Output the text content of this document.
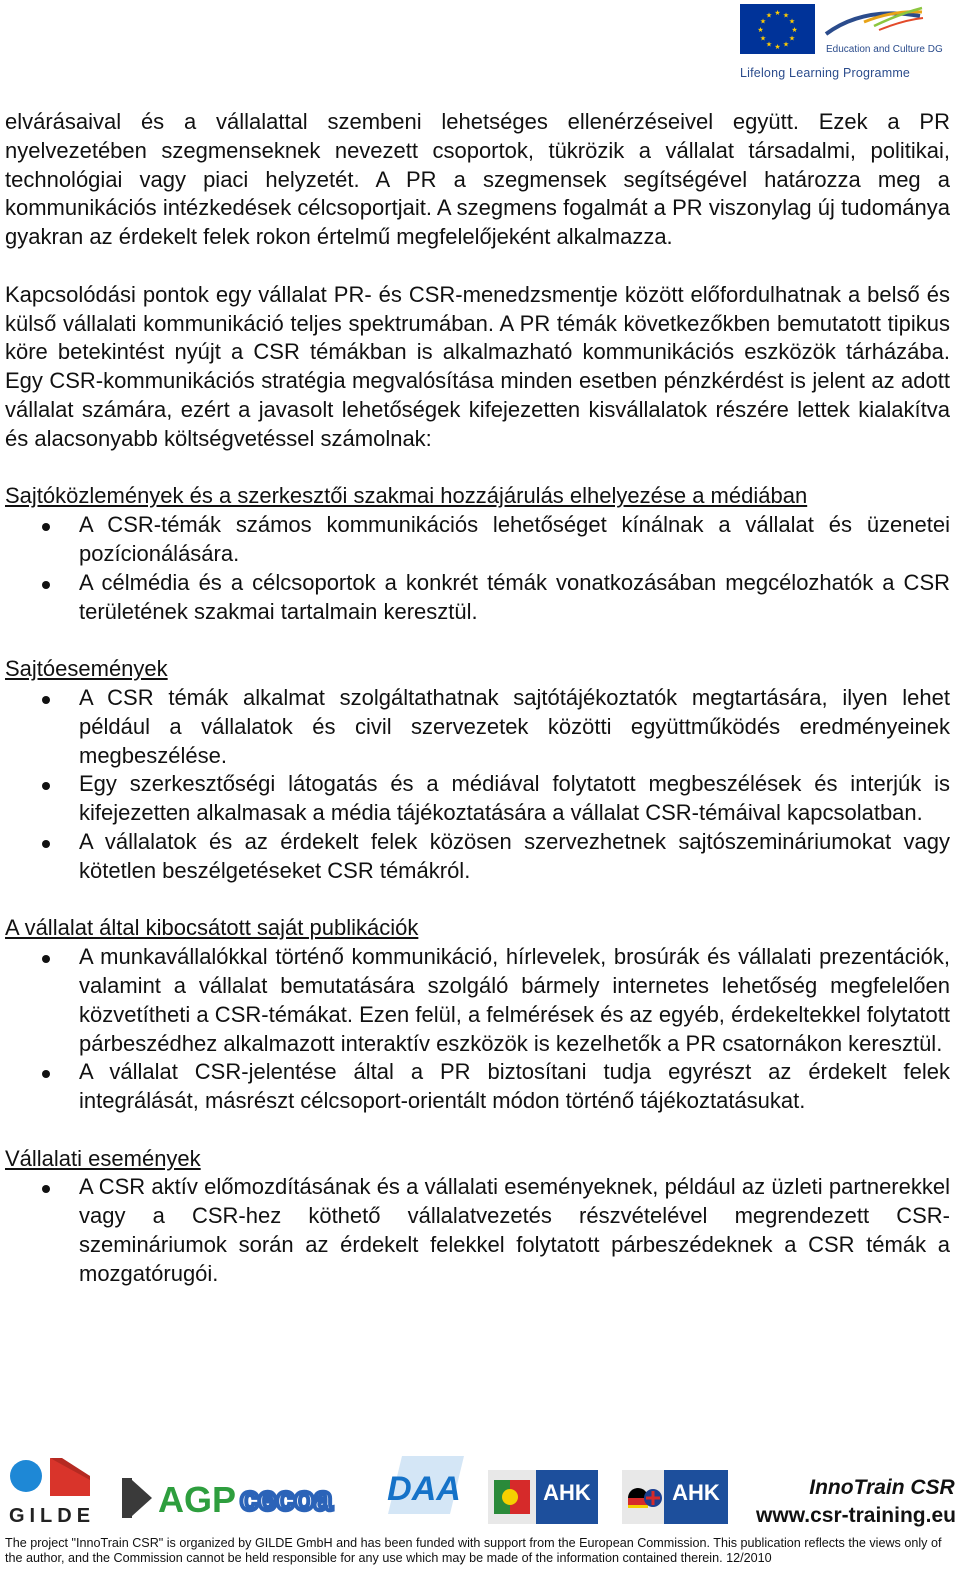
★ ★
★
★
★
★
★
★
★
★
★
★
Education and Culture DG
Lifelong Learning Programme

elvárásaival és a vállalattal szembeni lehetséges ellenérzéseivel együtt. Ezek a PR nyelvezetében szegmenseknek nevezett csoportok, tükrözik a vállalat társadalmi, politikai, technológiai vagy piaci helyzetét. A PR a szegmensek segítségével határozza meg a kommunikációs intézkedések célcsoportjait. A szegmens fogalmát a PR viszonylag új tudománya gyakran az érdekelt felek rokon értelmű megfelelőjeként alkalmazza.

Kapcsolódási pontok egy vállalat PR- és CSR-menedzsmentje között előfordulhatnak a belső és külső vállalati kommunikáció teljes spektrumában. A PR témák következőkben bemutatott tipikus köre betekintést nyújt a CSR témákban is alkalmazható kommunikációs eszközök tárházába. Egy CSR-kommunikációs stratégia megvalósítása minden esetben pénzkérdést is jelent az adott vállalat számára, ezért a javasolt lehetőségek kifejezetten kisvállalatok részére lettek kialakítva és alacsonyabb költségvetéssel számolnak:

Sajtóközlemények és a szerkesztői szakmai hozzájárulás elhelyezése a médiában
A CSR-témák számos kommunikációs lehetőséget kínálnak a vállalat és üzenetei pozícionálására.
A célmédia és a célcsoportok a konkrét témák vonatkozásában megcélozhatók a CSR területének szakmai tartalmain keresztül.
Sajtóesemények
A CSR témák alkalmat szolgáltathatnak sajtótájékoztatók megtartására, ilyen lehet például a vállalatok és civil szervezetek közötti együttműködés eredményeinek megbeszélése.
Egy szerkesztőségi látogatás és a médiával folytatott megbeszélések és interjúk is kifejezetten alkalmasak a média tájékoztatására a vállalat CSR-témáival kapcsolatban.
A vállalatok és az érdekelt felek közösen szervezhetnek sajtószemináriumokat vagy kötetlen beszélgetéseket CSR témákról.
A vállalat által kibocsátott saját publikációk
A munkavállalókkal történő kommunikáció, hírlevelek, brosúrák és vállalati prezentációk, valamint a vállalat bemutatására szolgáló bármely internetes lehetőség megfelelően közvetítheti a CSR-témákat. Ezen felül, a felmérések és az egyéb, érdekeltekkel folytatott párbeszédhez alkalmazott interaktív eszközök is kezelhetők a PR csatornákon keresztül.
A vállalat CSR-jelentése által a PR biztosítani tudja egyrészt az érdekelt felek integrálását, másrészt célcsoport-orientált módon történő tájékoztatásukat.
Vállalati események
A CSR aktív előmozdításának és a vállalati eseményeknek, például az üzleti partnerekkel vagy a CSR-hez köthető vállalatvezetés részvételével megrendezett CSR-szemináriumok során az érdekelt felekkel folytatott párbeszédeknek a CSR témák a mozgatórugói.
GILDE AGP cecoa DAA	AHK	AHK	InnoTrain CSR
www.csr-training.eu
The project "InnoTrain CSR" is organized by GILDE GmbH and has been funded with support from the European Commission. This publication reflects the views only of the author, and the Commission cannot be held responsible for any use which may be made of the information contained therein. 12/2010
